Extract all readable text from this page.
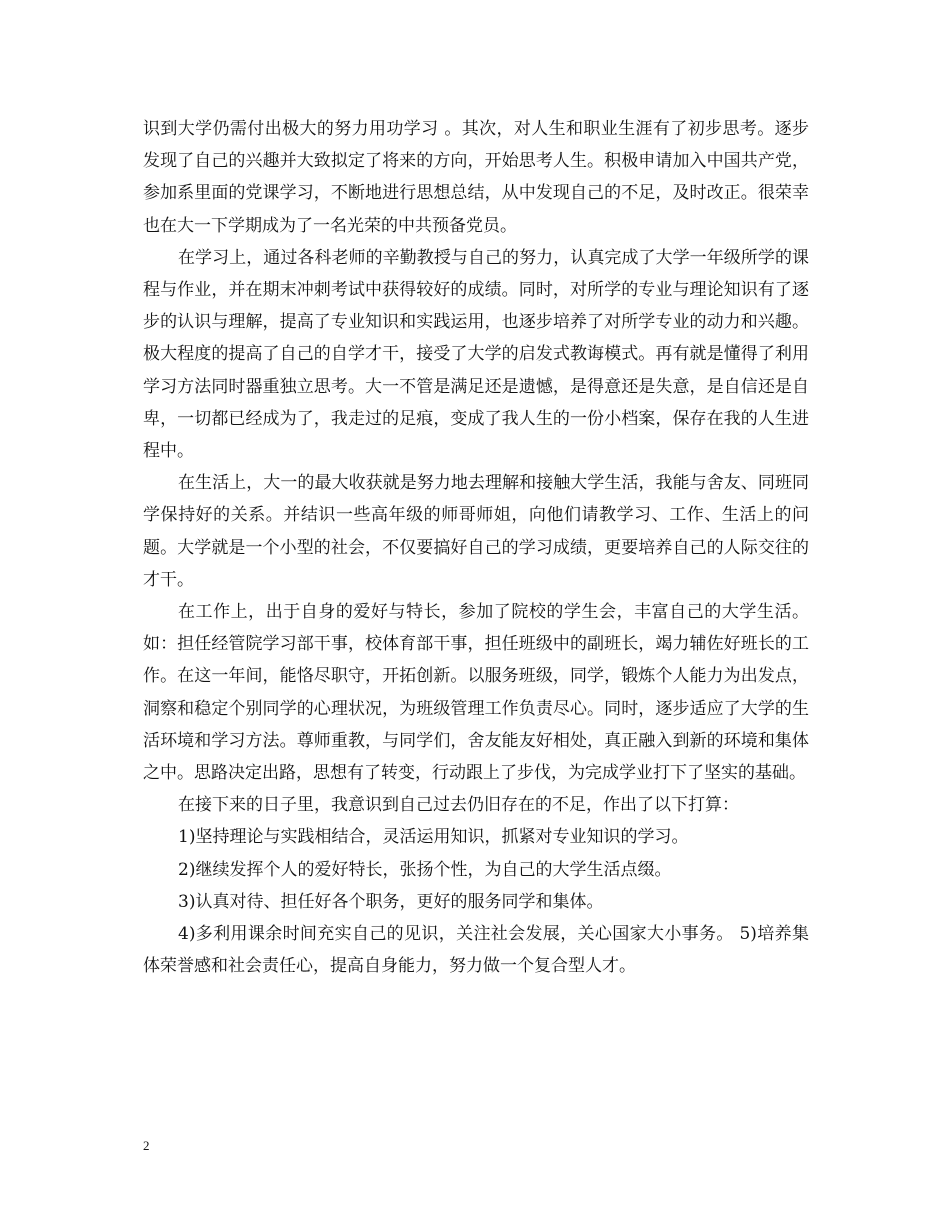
识到大学仍需付出极大的努力用功学习 。其次，对人生和职业生涯有了初步思考。逐步发现了自己的兴趣并大致拟定了将来的方向，开始思考人生。积极申请加入中国共产党，参加系里面的党课学习，不断地进行思想总结，从中发现自己的不足，及时改正。很荣幸也在大一下学期成为了一名光荣的中共预备党员。

在学习上，通过各科老师的辛勤教授与自己的努力，认真完成了大学一年级所学的课程与作业，并在期末冲刺考试中获得较好的成绩。同时，对所学的专业与理论知识有了逐步的认识与理解，提高了专业知识和实践运用，也逐步培养了对所学专业的动力和兴趣。极大程度的提高了自己的自学才干，接受了大学的启发式教诲模式。再有就是懂得了利用学习方法同时器重独立思考。大一不管是满足还是遗憾，是得意还是失意，是自信还是自卑，一切都已经成为了，我走过的足痕，变成了我人生的一份小档案，保存在我的人生进程中。

在生活上，大一的最大收获就是努力地去理解和接触大学生活，我能与舍友、同班同学保持好的关系。并结识一些高年级的师哥师姐，向他们请教学习、工作、生活上的问题。大学就是一个小型的社会，不仅要搞好自己的学习成绩，更要培养自己的人际交往的才干。

在工作上，出于自身的爱好与特长，参加了院校的学生会，丰富自己的大学生活。如：担任经管院学习部干事，校体育部干事，担任班级中的副班长，竭力辅佐好班长的工作。在这一年间，能恪尽职守，开拓创新。以服务班级，同学，锻炼个人能力为出发点，洞察和稳定个别同学的心理状况，为班级管理工作负责尽心。同时，逐步适应了大学的生活环境和学习方法。尊师重教，与同学们，舍友能友好相处，真正融入到新的环境和集体之中。思路决定出路，思想有了转变，行动跟上了步伐，为完成学业打下了坚实的基础。

在接下来的日子里，我意识到自己过去仍旧存在的不足，作出了以下打算：

1)坚持理论与实践相结合，灵活运用知识，抓紧对专业知识的学习。

2)继续发挥个人的爱好特长，张扬个性，为自己的大学生活点缀。

3)认真对待、担任好各个职务，更好的服务同学和集体。

4)多利用课余时间充实自己的见识，关注社会发展，关心国家大小事务。 5)培养集体荣誉感和社会责任心，提高自身能力，努力做一个复合型人才。

2
